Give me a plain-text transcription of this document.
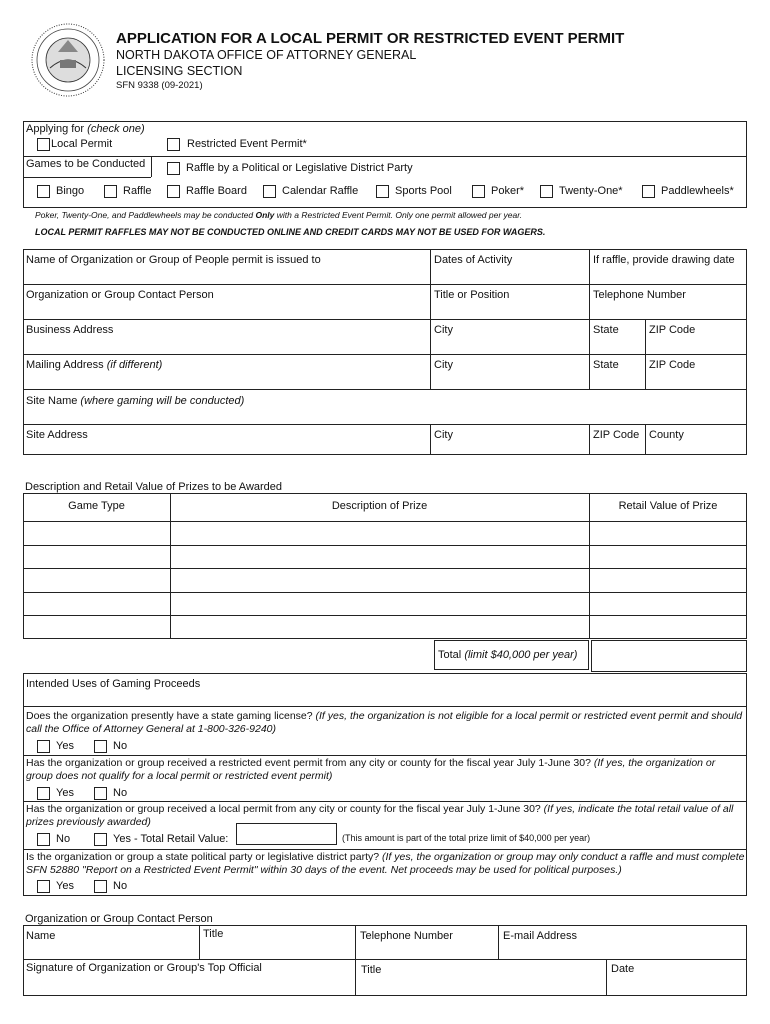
APPLICATION FOR A LOCAL PERMIT OR RESTRICTED EVENT PERMIT
NORTH DAKOTA OFFICE OF ATTORNEY GENERAL
LICENSING SECTION
SFN 9338 (09-2021)
Applying for (check one)
Local Permit	Restricted Event Permit*
Games to be Conducted	Raffle by a Political or Legislative District Party
Bingo	Raffle	Raffle Board	Calendar Raffle	Sports Pool	Poker*	Twenty-One*	Paddlewheels*
Poker, Twenty-One, and Paddlewheels may be conducted Only with a Restricted Event Permit. Only one permit allowed per year.
LOCAL PERMIT RAFFLES MAY NOT BE CONDUCTED ONLINE AND CREDIT CARDS MAY NOT BE USED FOR WAGERS.
Name of Organization or Group of People permit is issued to	Dates of Activity	If raffle, provide drawing date
Organization or Group Contact Person	Title or Position	Telephone Number
Business Address	City	State	ZIP Code
Mailing Address (if different)	City	State	ZIP Code
Site Name (where gaming will be conducted)
Site Address	City	ZIP Code County
Description and Retail Value of Prizes to be Awarded
Game Type	Description of Prize	Retail Value of Prize
Total (limit $40,000 per year)
Intended Uses of Gaming Proceeds
Does the organization presently have a state gaming license? (If yes, the organization is not eligible for a local permit or restricted event permit and should call the Office of Attorney General at 1-800-326-9240)
Yes	No
Has the organization or group received a restricted event permit from any city or county for the fiscal year July 1-June 30? (If yes, the organization or group does not qualify for a local permit or restricted event permit)
Yes	No
Has the organization or group received a local permit from any city or county for the fiscal year July 1-June 30? (If yes, indicate the total retail value of all prizes previously awarded)
No	Yes - Total Retail Value:	(This amount is part of the total prize limit of $40,000 per year)
Is the organization or group a state political party or legislative district party? (If yes, the organization or group may only conduct a raffle and must complete SFN 52880 "Report on a Restricted Event Permit" within 30 days of the event. Net proceeds may be used for political purposes.)
Yes	No
Organization or Group Contact Person
Name	Title	Telephone Number	E-mail Address
Signature of Organization or Group's Top Official	Title	Date
